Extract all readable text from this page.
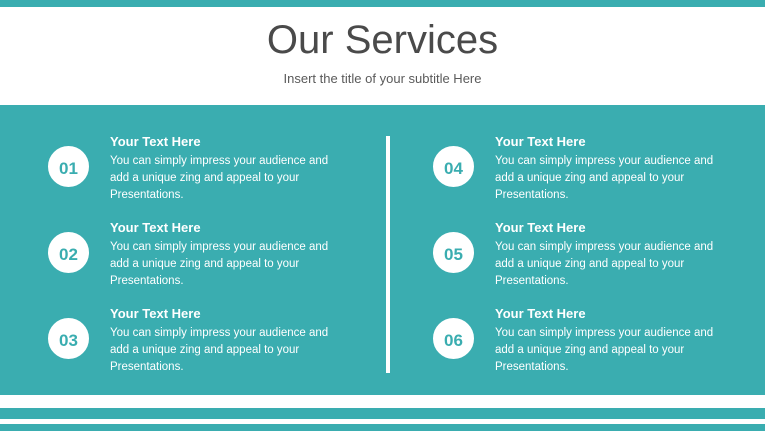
Our Services

Insert the title of your subtitle Here

01

Your Text Here

You can simply impress your audience and add a unique zing and appeal to your Presentations.

02

Your Text Here

You can simply impress your audience and add a unique zing and appeal to your Presentations.

03

Your Text Here

You can simply impress your audience and add a unique zing and appeal to your Presentations.

04

Your Text Here

You can simply impress your audience and add a unique zing and appeal to your Presentations.

05

Your Text Here

You can simply impress your audience and add a unique zing and appeal to your Presentations.

06

Your Text Here

You can simply impress your audience and add a unique zing and appeal to your Presentations.
